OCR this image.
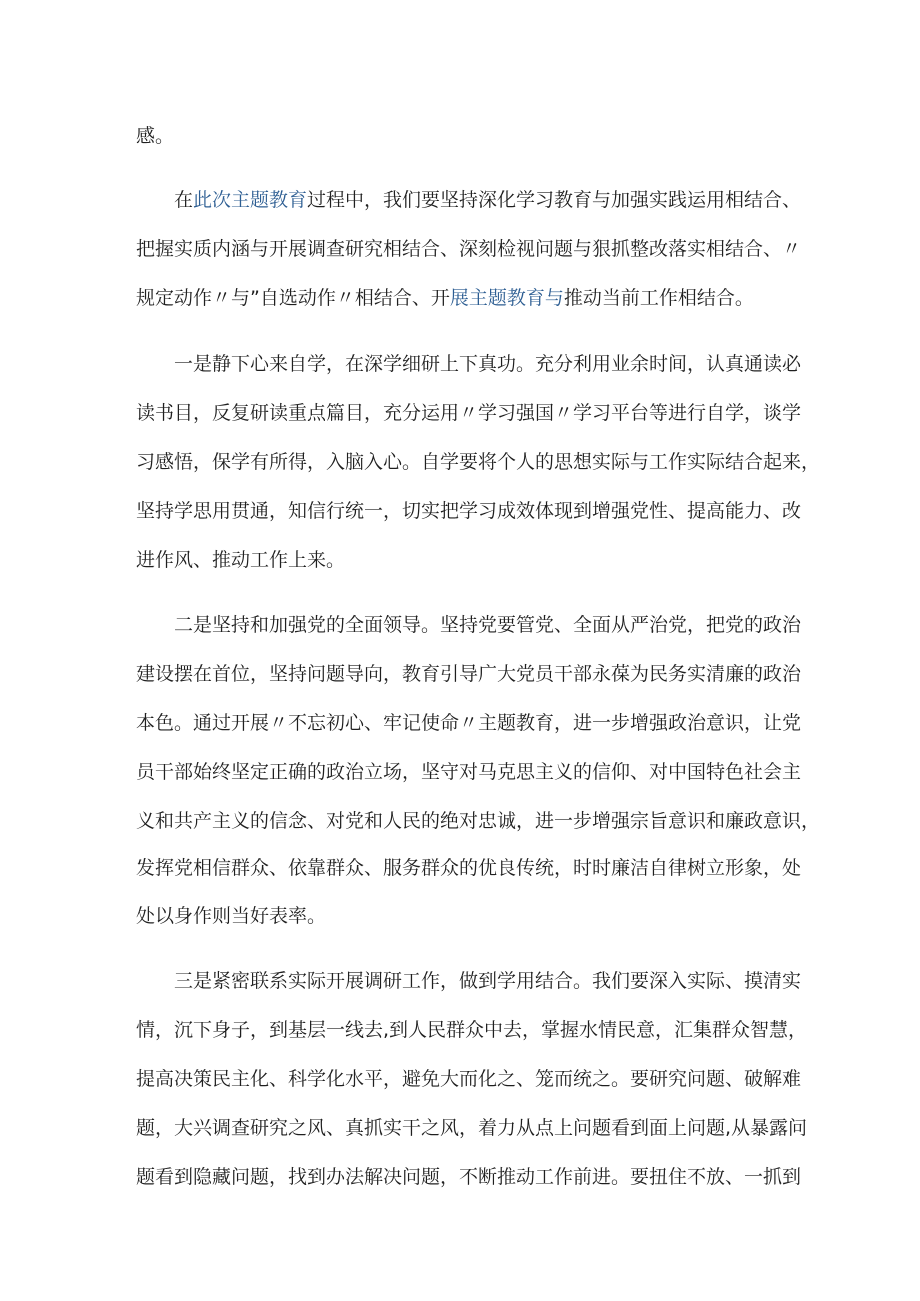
感。

在此次主题教育过程中，我们要坚持深化学习教育与加强实践运用相结合、

把握实质内涵与开展调查研究相结合、深刻检视问题与狠抓整改落实相结合、〃

规定动作〃与”自选动作〃相结合、开展主题教育与推动当前工作相结合。

一是静下心来自学，在深学细研上下真功。充分利用业余时间，认真通读必

读书目，反复研读重点篇目，充分运用〃学习强国〃学习平台等进行自学，谈学

习感悟，保学有所得，入脑入心。自学要将个人的思想实际与工作实际结合起来，

坚持学思用贯通，知信行统一，切实把学习成效体现到增强党性、提高能力、改

进作风、推动工作上来。

二是坚持和加强党的全面领导。坚持党要管党、全面从严治党，把党的政治

建设摆在首位，坚持问题导向，教育引导广大党员干部永葆为民务实清廉的政治

本色。通过开展〃不忘初心、牢记使命〃主题教育，进一步增强政治意识，让党

员干部始终坚定正确的政治立场，坚守对马克思主义的信仰、对中国特色社会主

义和共产主义的信念、对党和人民的绝对忠诚，进一步增强宗旨意识和廉政意识，

发挥党相信群众、依靠群众、服务群众的优良传统，时时廉洁自律树立形象，处

处以身作则当好表率。

三是紧密联系实际开展调研工作，做到学用结合。我们要深入实际、摸清实

情，沉下身子，到基层一线去,到人民群众中去，掌握水情民意，汇集群众智慧，

提高决策民主化、科学化水平，避免大而化之、笼而统之。要研究问题、破解难

题，大兴调查研究之风、真抓实干之风，着力从点上问题看到面上问题,从暴露问

题看到隐藏问题，找到办法解决问题，不断推动工作前进。要扭住不放、一抓到
